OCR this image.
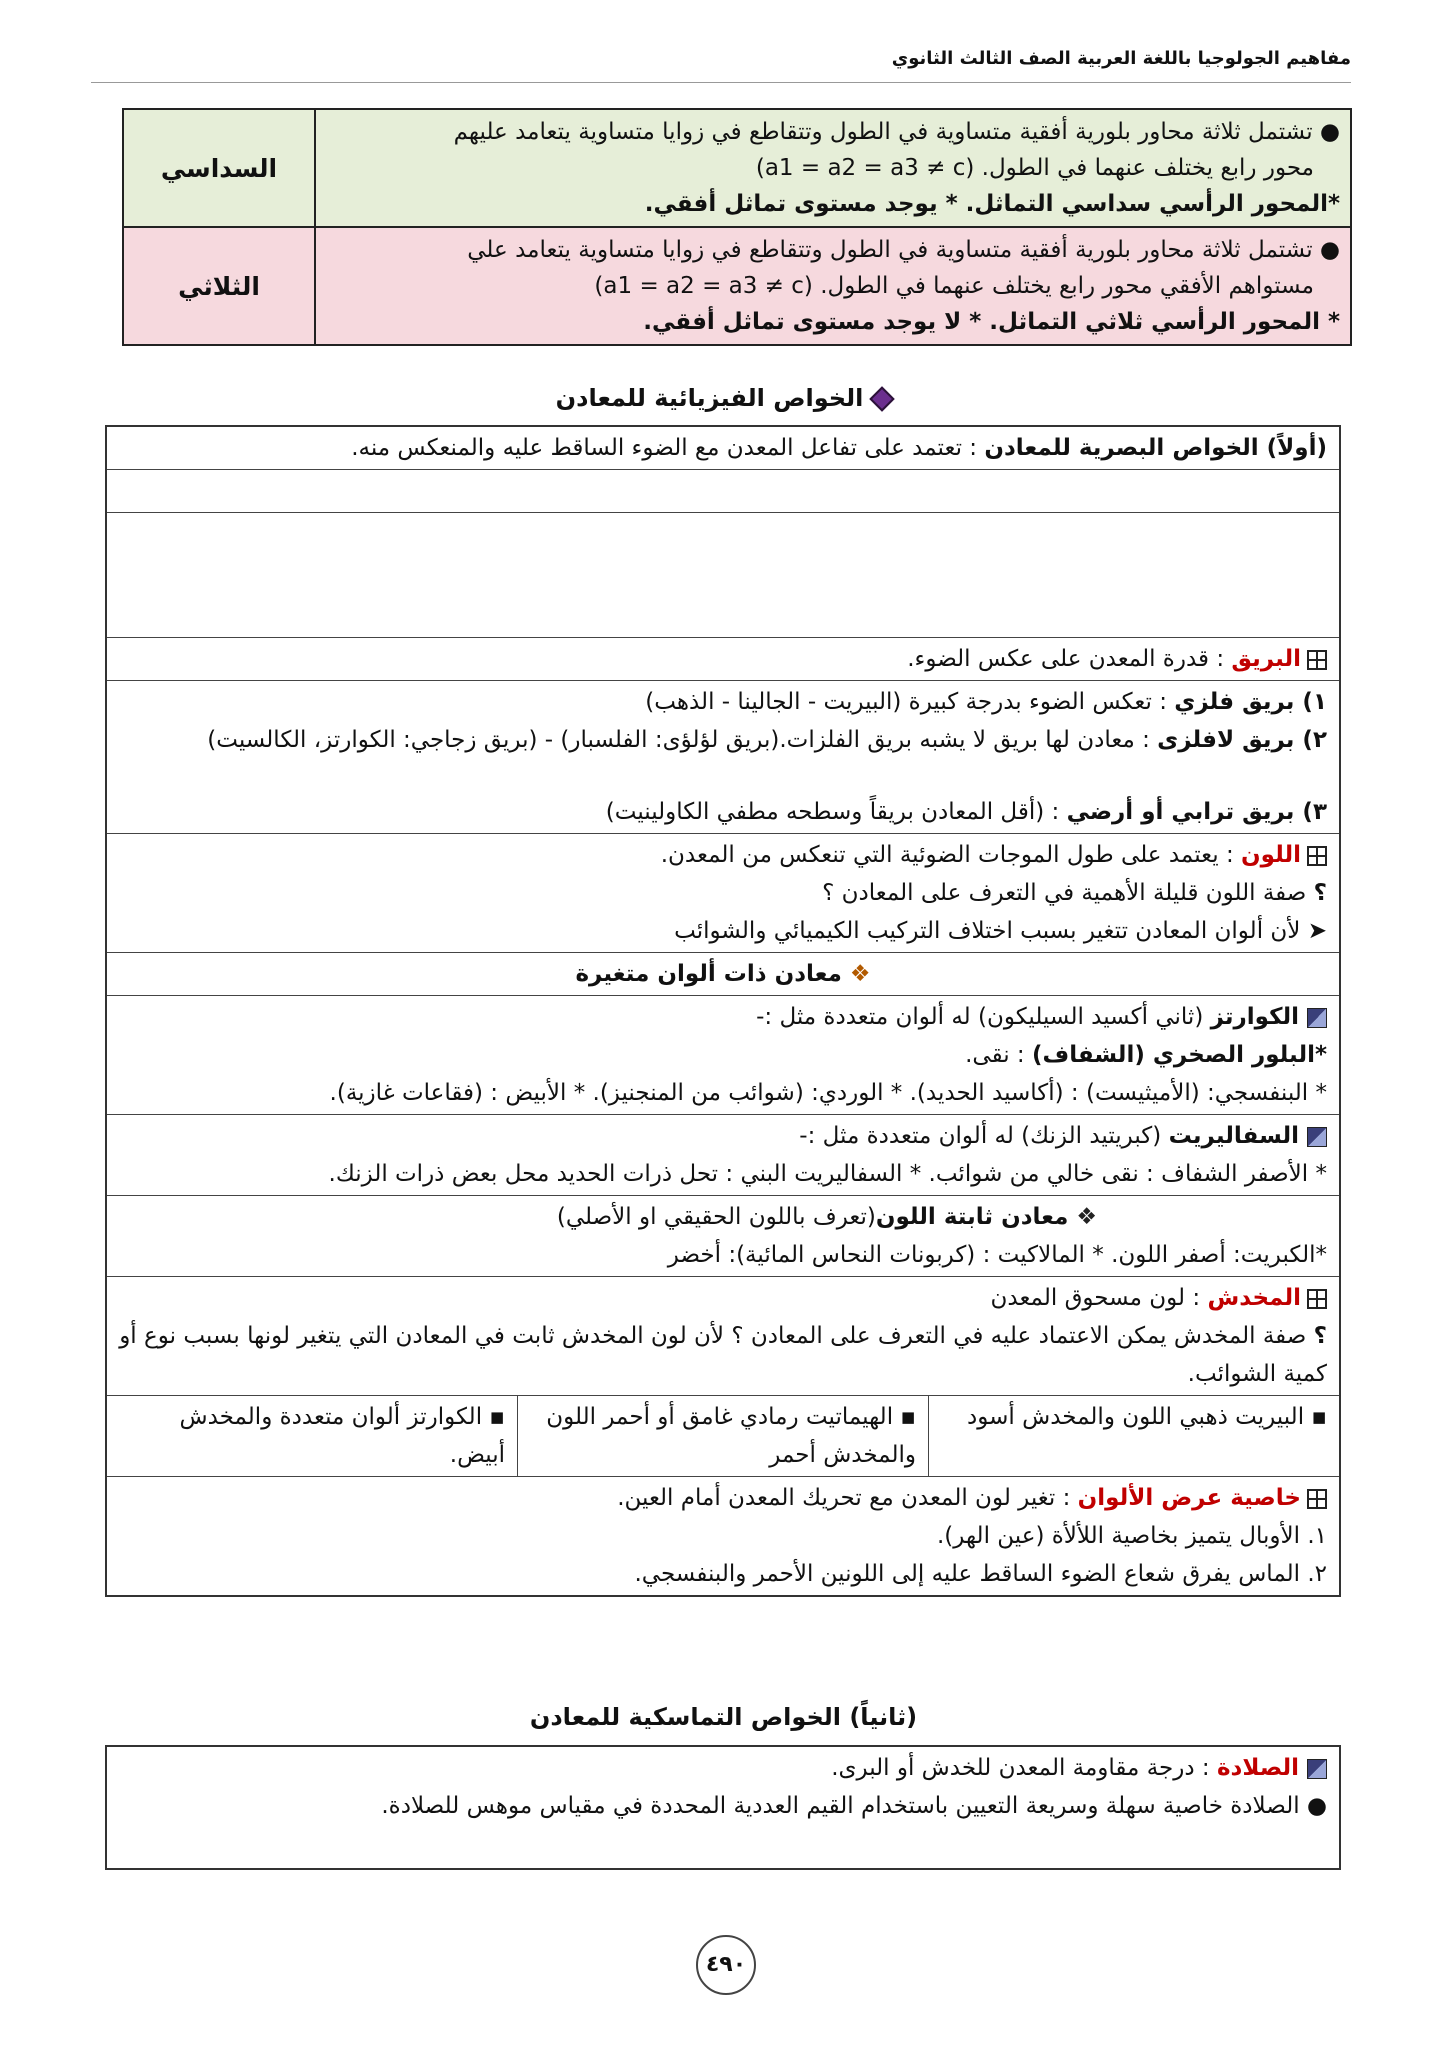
مفاهيم الجولوجيا باللغة العربية الصف الثالث الثانوي
● تشتمل ثلاثة محاور بلورية أفقية متساوية في الطول وتتقاطع في زوايا متساوية يتعامد عليهم
محور رابع يختلف عنهما في الطول. (a1 = a2 = a3 ≠ c)
*المحور الرأسي سداسي التماثل. * يوجد مستوى تماثل أفقي.	السداسي

● تشتمل ثلاثة محاور بلورية أفقية متساوية في الطول وتتقاطع في زوايا متساوية يتعامد علي
مستواهم الأفقي محور رابع يختلف عنهما في الطول. (a1 = a2 = a3 ≠ c)
* المحور الرأسي ثلاثي التماثل. * لا يوجد مستوى تماثل أفقي.	الثلاثي
الخواص الفيزيائية للمعادن
(أولاً) الخواص البصرية للمعادن : تعتمد على تفاعل المعدن مع الضوء الساقط عليه والمنعكس منه.
البريق : قدرة المعدن على عكس الضوء.
١) بريق فلزي : تعكس الضوء بدرجة كبيرة (البيريت - الجالينا - الذهب)
٢) بريق لافلزى : معادن لها بريق لا يشبه بريق الفلزات.(بريق لؤلؤى: الفلسبار) - (بريق زجاجي: الكوارتز، الكالسيت)
٣) بريق ترابي أو أرضي : (أقل المعادن بريقاً وسطحه مطفي الكاولينيت)
اللون : يعتمد على طول الموجات الضوئية التي تنعكس من المعدن.
؟ صفة اللون قليلة الأهمية في التعرف على المعادن ؟
➤ لأن ألوان المعادن تتغير بسبب اختلاف التركيب الكيميائي والشوائب
❖معادن ذات ألوان متغيرة
الكوارتز (ثاني أكسيد السيليكون) له ألوان متعددة مثل :-
*البلور الصخري (الشفاف) : نقى.
* البنفسجي: (الأميثيست) : (أكاسيد الحديد). * الوردي: (شوائب من المنجنيز). * الأبيض : (فقاعات غازية).
السفاليريت (كبريتيد الزنك) له ألوان متعددة مثل :-
* الأصفر الشفاف : نقى خالي من شوائب. * السفاليريت البني : تحل ذرات الحديد محل بعض ذرات الزنك.
❖معادن ثابتة اللون(تعرف باللون الحقيقي او الأصلي)
*الكبريت: أصفر اللون. * المالاكيت : (كربونات النحاس المائية): أخضر
المخدش : لون مسحوق المعدن
؟ صفة المخدش يمكن الاعتماد عليه في التعرف على المعادن ؟ لأن لون المخدش ثابت في المعادن التي يتغير لونها بسبب نوع أو كمية الشوائب.
▪ البيريت ذهبي اللون والمخدش أسود
▪ الهيماتيت رمادي غامق أو أحمر اللون والمخدش أحمر
▪ الكوارتز ألوان متعددة والمخدش أبيض.
خاصية عرض الألوان : تغير لون المعدن مع تحريك المعدن أمام العين.
١. الأوبال يتميز بخاصية اللألأة (عين الهر).
٢. الماس يفرق شعاع الضوء الساقط عليه إلى اللونين الأحمر والبنفسجي.
(ثانياً) الخواص التماسكية للمعادن
الصلادة : درجة مقاومة المعدن للخدش أو البرى.
● الصلادة خاصية سهلة وسريعة التعيين باستخدام القيم العددية المحددة في مقياس موهس للصلادة.
٤٩٠
